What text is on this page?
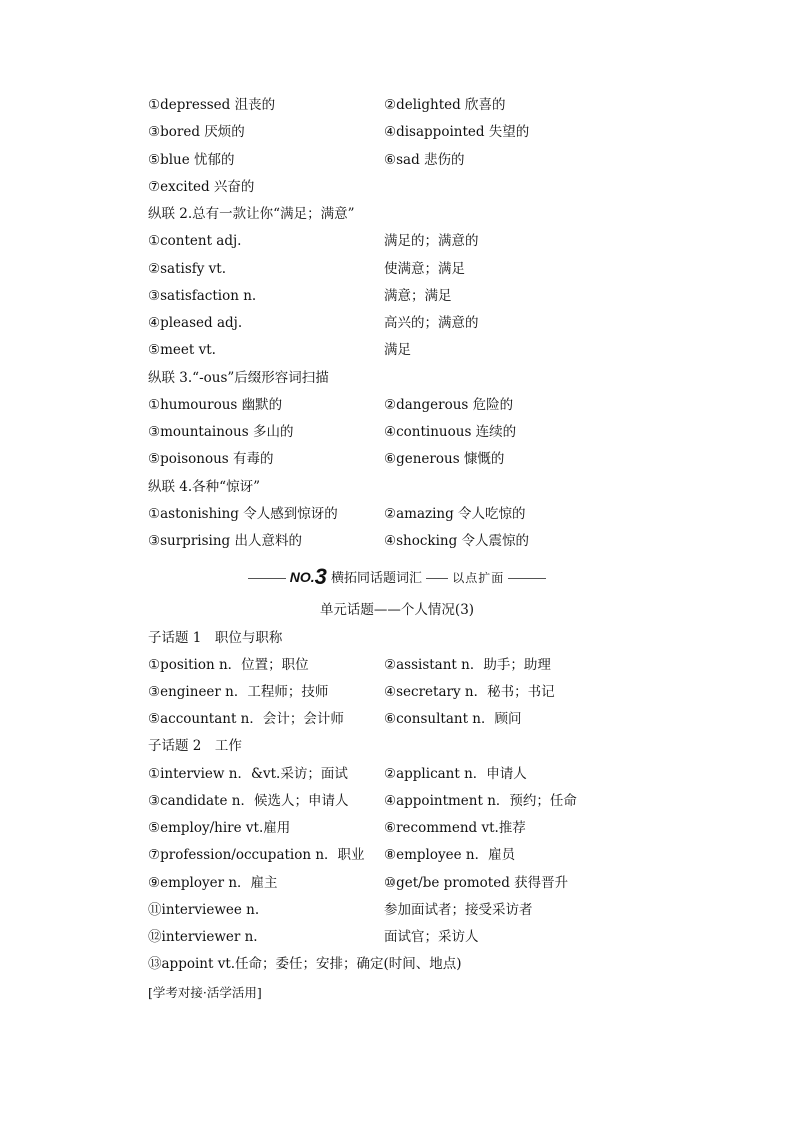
①depressed 沮丧的	②delighted 欣喜的
③bored 厌烦的	④disappointed 失望的
⑤blue 忧郁的	⑥sad 悲伤的
⑦excited 兴奋的
纵联 2.总有一款让你“满足；满意”
①content adj.	满足的；满意的
②satisfy vt.	使满意；满足
③satisfaction n.	满意；满足
④pleased adj.	高兴的；满意的
⑤meet vt.	满足
纵联 3.“-ous”后缀形容词扫描
①humourous 幽默的	②dangerous 危险的
③mountainous 多山的	④continuous 连续的
⑤poisonous 有毒的	⑥generous 慷慨的
纵联 4.各种“惊讶”
①astonishing 令人感到惊讶的	②amazing 令人吃惊的
③surprising 出人意料的	④shocking 令人震惊的
NO.3 横拓同话题词汇	以点扩面
单元话题——个人情况(3)
子话题 1　职位与职称
①position n．位置；职位	②assistant n．助手；助理
③engineer n．工程师；技师	④secretary n．秘书；书记
⑤accountant n．会计；会计师	⑥consultant n．顾问
子话题 2　工作
①interview n．&vt.采访；面试	②applicant n．申请人
③candidate n．候选人；申请人	④appointment n．预约；任命
⑤employ/hire vt.雇用	⑥recommend vt.推荐
⑦profession/occupation n．职业 ⑧employee n．雇员
⑨employer n．雇主	⑩get/be promoted 获得晋升
⑪interviewee n.	参加面试者；接受采访者
⑫interviewer n.	面试官；采访人
⑬appoint vt.任命；委任；安排；确定(时间、地点)
[学考对接·活学活用]
